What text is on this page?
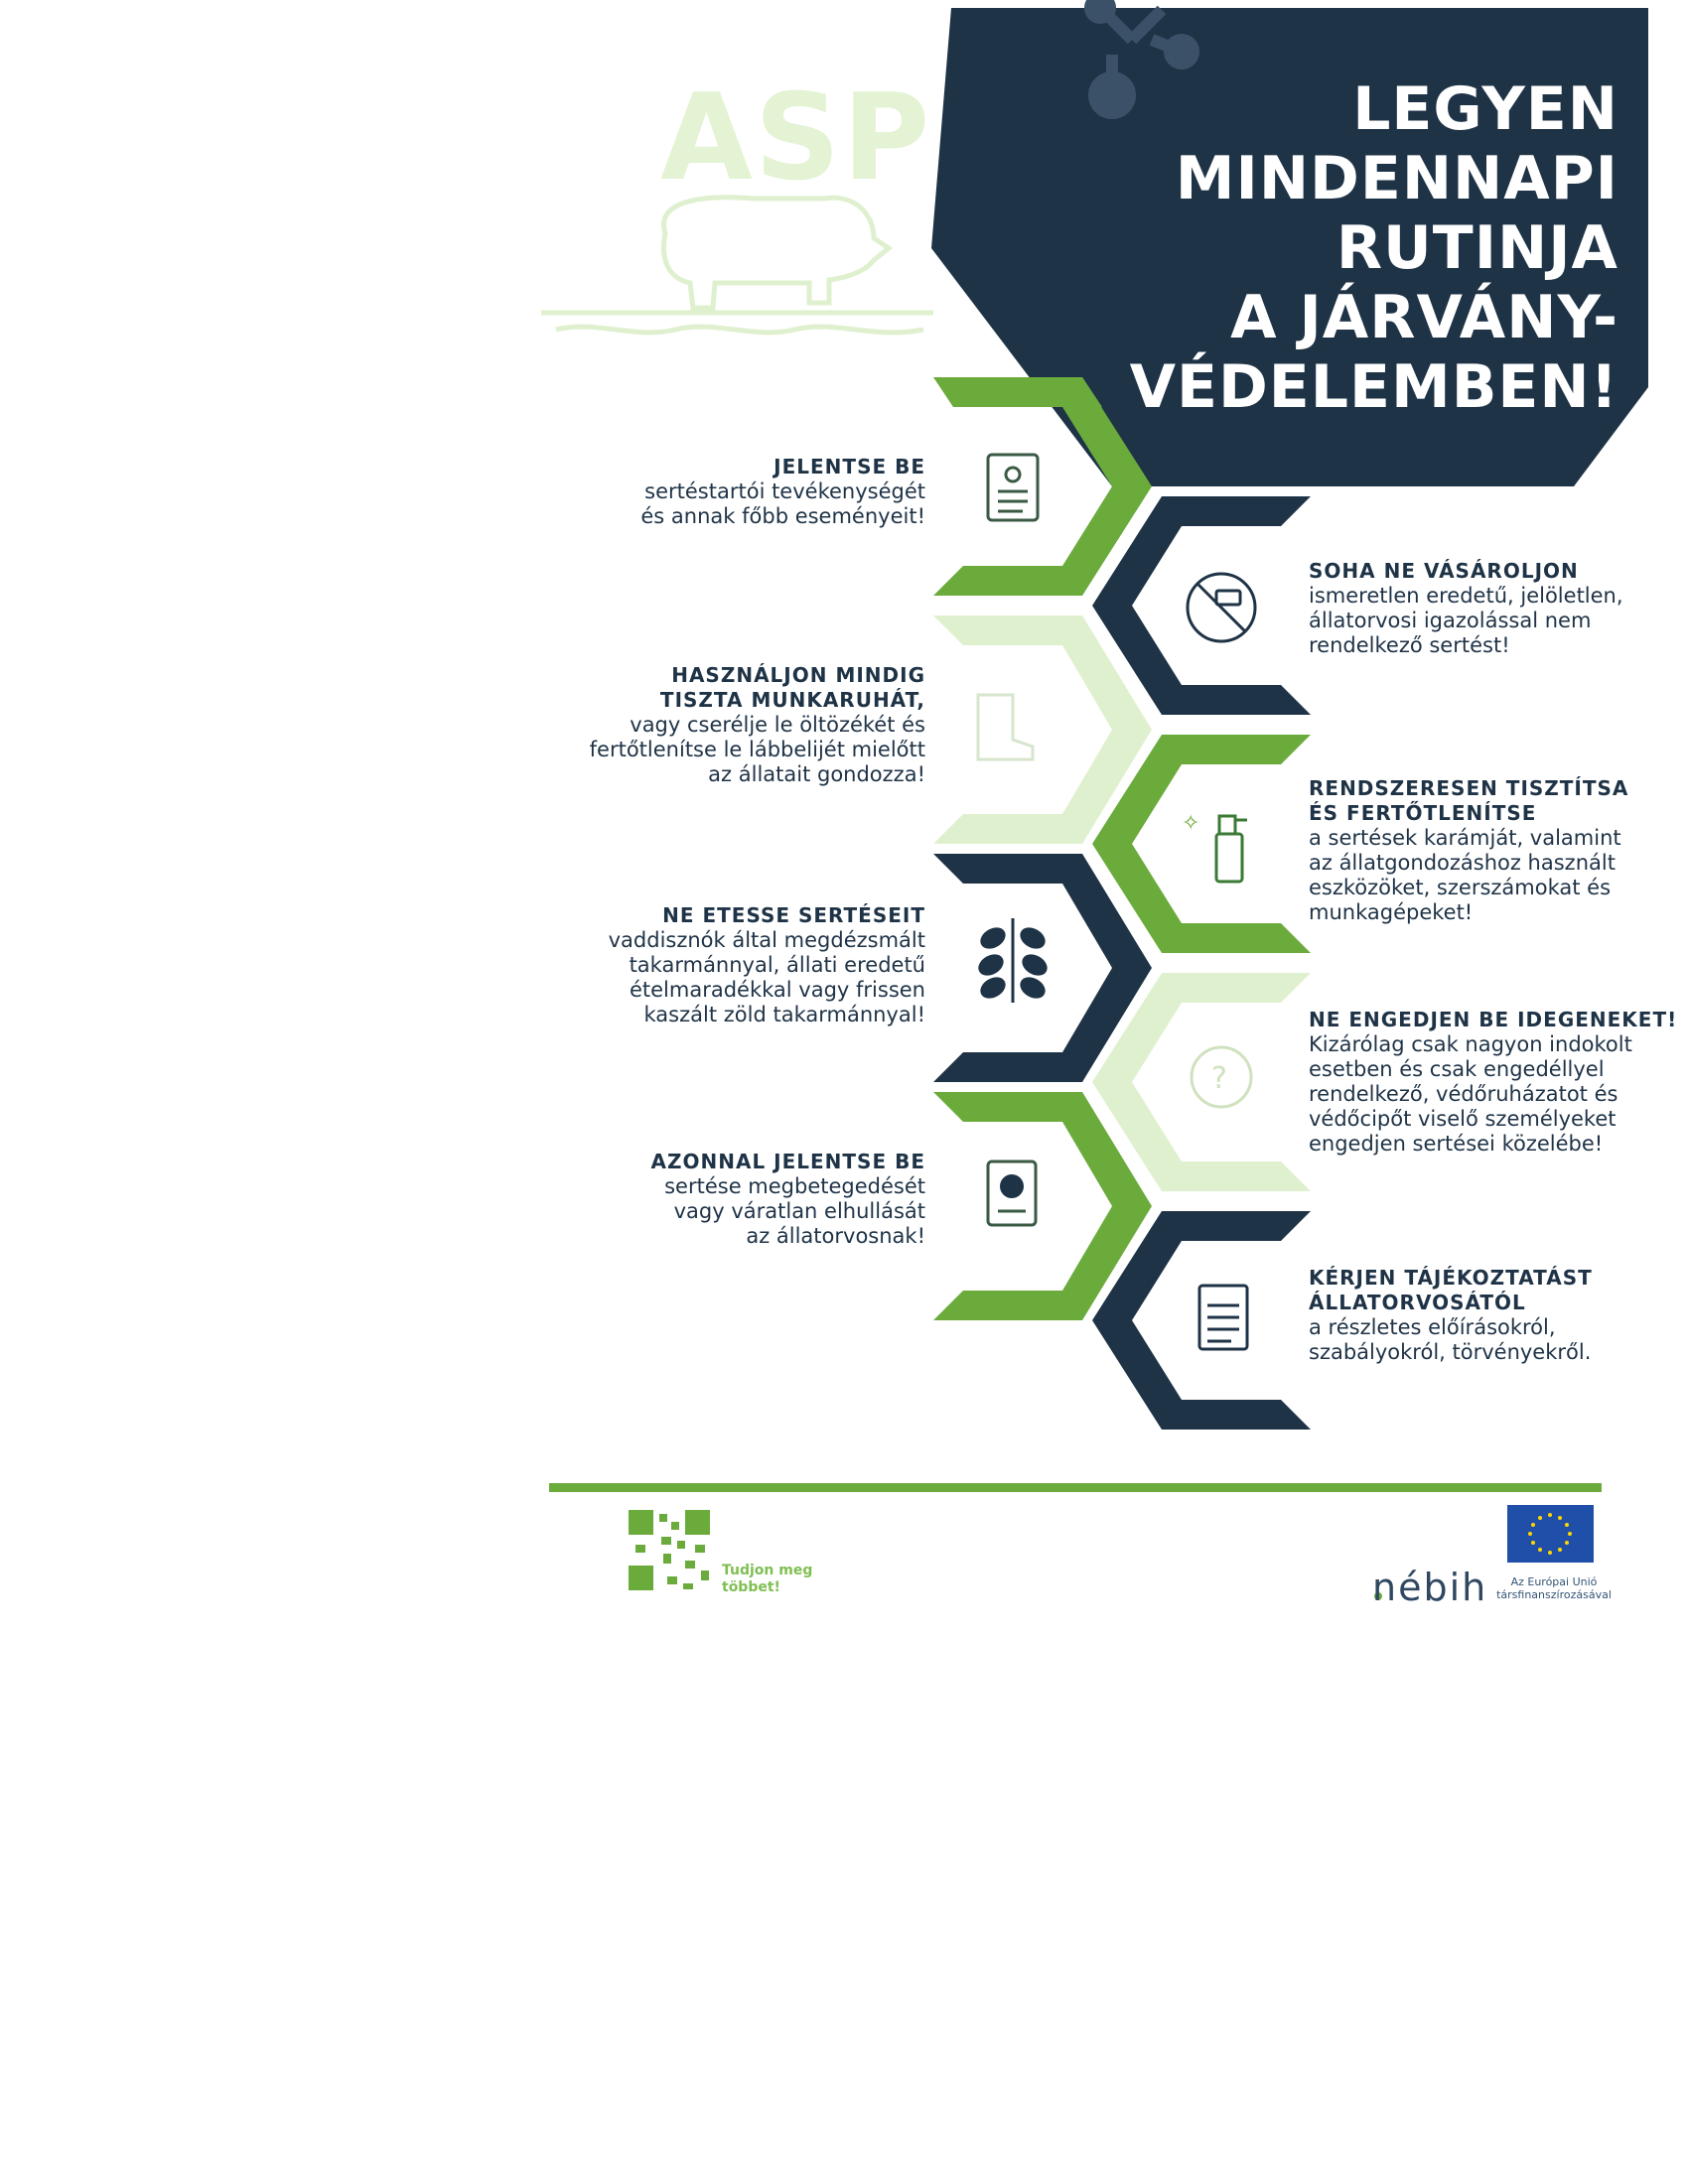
✧
?
ASP	LEGYEN
MINDENNAPI
RUTINJA
A JÁRVÁNY-
VÉDELEMBEN!
JELENTSE BE
sertéstartói tevékenységét
és annak főbb eseményeit!
HASZNÁLJON MINDIG
TISZTA MUNKARUHÁT,
vagy cserélje le öltözékét és
fertőtlenítse le lábbelijét mielőtt
az állatait gondozza!
NE ETESSE SERTÉSEIT
vaddisznók által megdézsmált
takarmánnyal, állati eredetű
ételmaradékkal vagy frissen
kaszált zöld takarmánnyal!
AZONNAL JELENTSE BE
sertése megbetegedését
vagy váratlan elhullását
az állatorvosnak!
SOHA NE VÁSÁROLJON
ismeretlen eredetű, jelöletlen,
állatorvosi igazolással nem
rendelkező sertést!
RENDSZERESEN TISZTÍTSA
ÉS FERTŐTLENÍTSE
a sertések karámját, valamint
az állatgondozáshoz használt
eszközöket, szerszámokat és
munkagépeket!
NE ENGEDJEN BE IDEGENEKET!
Kizárólag csak nagyon indokolt
esetben és csak engedéllyel
rendelkező, védőruházatot és
védőcipőt viselő személyeket
engedjen sertései közelébe!
KÉRJEN TÁJÉKOZTATÁST
ÁLLATORVOSÁTÓL
a részletes előírásokról,
szabályokról, törvényekről.
Tudjon meg
többet!	nébih	Az Európai Unió
társfinanszírozásával
